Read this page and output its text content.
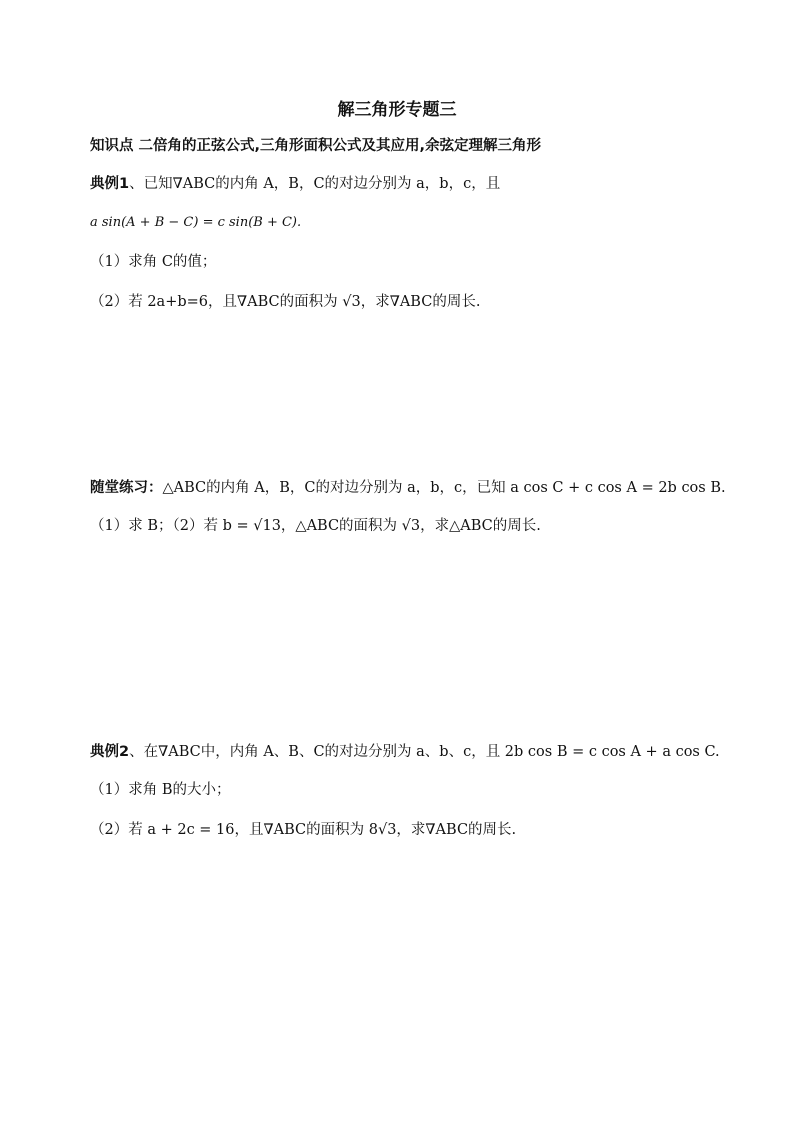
解三角形专题三
知识点 二倍角的正弦公式,三角形面积公式及其应用,余弦定理解三角形
典例1、已知∇ABC的内角 A，B，C的对边分别为 a，b，c，且
a sin(A + B − C) = c sin(B + C).
（1）求角 C的值；
（2）若 2a+b=6，且∇ABC的面积为 √3，求∇ABC的周长.
随堂练习：△ABC的内角 A，B，C的对边分别为 a，b，c，已知 a cos C + c cos A = 2b cos B.
（1）求 B；（2）若 b = √13，△ABC的面积为 √3，求△ABC的周长.
典例2、在∇ABC中，内角 A、B、C的对边分别为 a、b、c，且 2b cos B = c cos A + a cos C.
（1）求角 B的大小；
（2）若 a + 2c = 16，且∇ABC的面积为 8√3，求∇ABC的周长.
